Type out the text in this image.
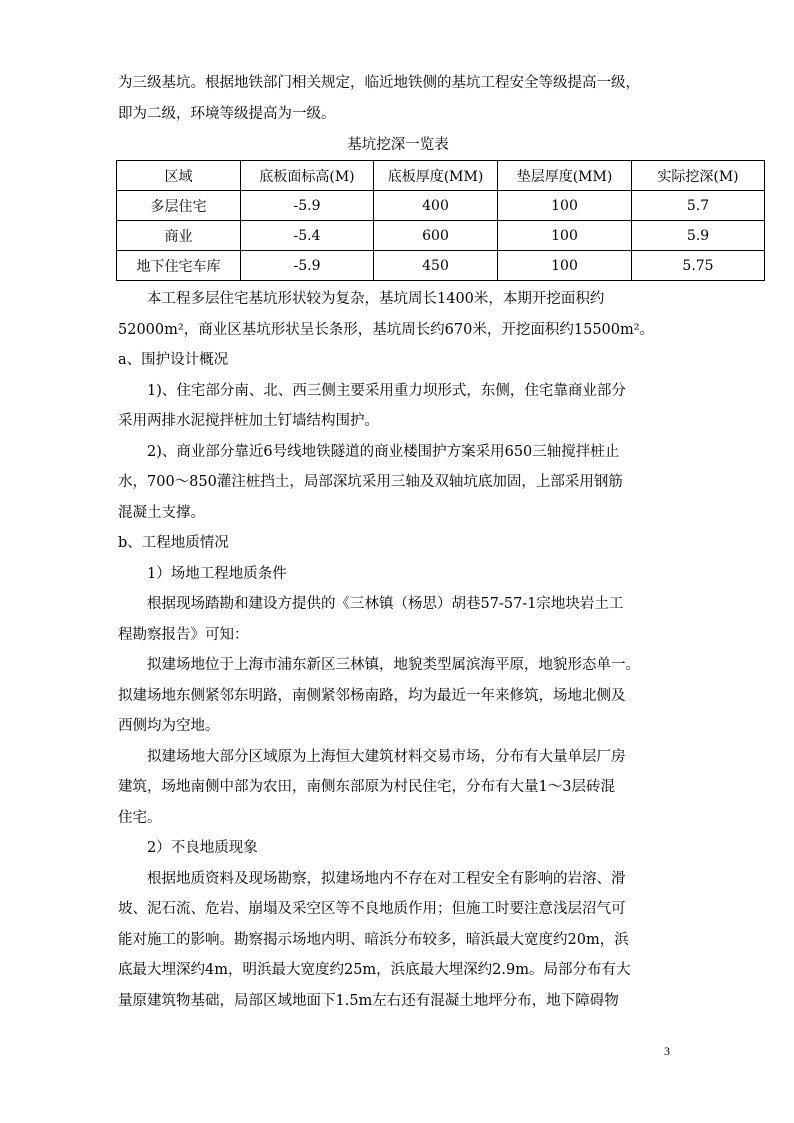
为三级基坑。根据地铁部门相关规定，临近地铁侧的基坑工程安全等级提高一级，

即为二级，环境等级提高为一级。

基坑挖深一览表
区域	底板面标高(M)	底板厚度(MM)	垫层厚度(MM)	实际挖深(M)
多层住宅	-5.9	400	100	5.7
商业	-5.4	600	100	5.9
地下住宅车库	-5.9	450	100	5.75

本工程多层住宅基坑形状较为复杂，基坑周长1400米，本期开挖面积约

52000m²，商业区基坑形状呈长条形，基坑周长约670米，开挖面积约15500m²。

a、围护设计概况

1)、住宅部分南、北、西三侧主要采用重力坝形式，东侧，住宅靠商业部分

采用两排水泥搅拌桩加土钉墙结构围护。

2)、商业部分靠近6号线地铁隧道的商业楼围护方案采用650三轴搅拌桩止

水，700～850灌注桩挡土，局部深坑采用三轴及双轴坑底加固，上部采用钢筋

混凝土支撑。

b、工程地质情况

1）场地工程地质条件

根据现场踏勘和建设方提供的《三林镇（杨思）胡巷57-57-1宗地块岩土工

程勘察报告》可知：

拟建场地位于上海市浦东新区三林镇，地貌类型属滨海平原，地貌形态单一。

拟建场地东侧紧邻东明路，南侧紧邻杨南路，均为最近一年来修筑，场地北侧及

西侧均为空地。

拟建场地大部分区域原为上海恒大建筑材料交易市场，分布有大量单层厂房

建筑，场地南侧中部为农田，南侧东部原为村民住宅，分布有大量1～3层砖混

住宅。

2）不良地质现象

根据地质资料及现场勘察，拟建场地内不存在对工程安全有影响的岩溶、滑

坡、泥石流、危岩、崩塌及采空区等不良地质作用；但施工时要注意浅层沼气可

能对施工的影响。勘察揭示场地内明、暗浜分布较多，暗浜最大宽度约20m，浜

底最大埋深约4m，明浜最大宽度约25m，浜底最大埋深约2.9m。局部分布有大

量原建筑物基础，局部区域地面下1.5m左右还有混凝土地坪分布，地下障碍物

3
